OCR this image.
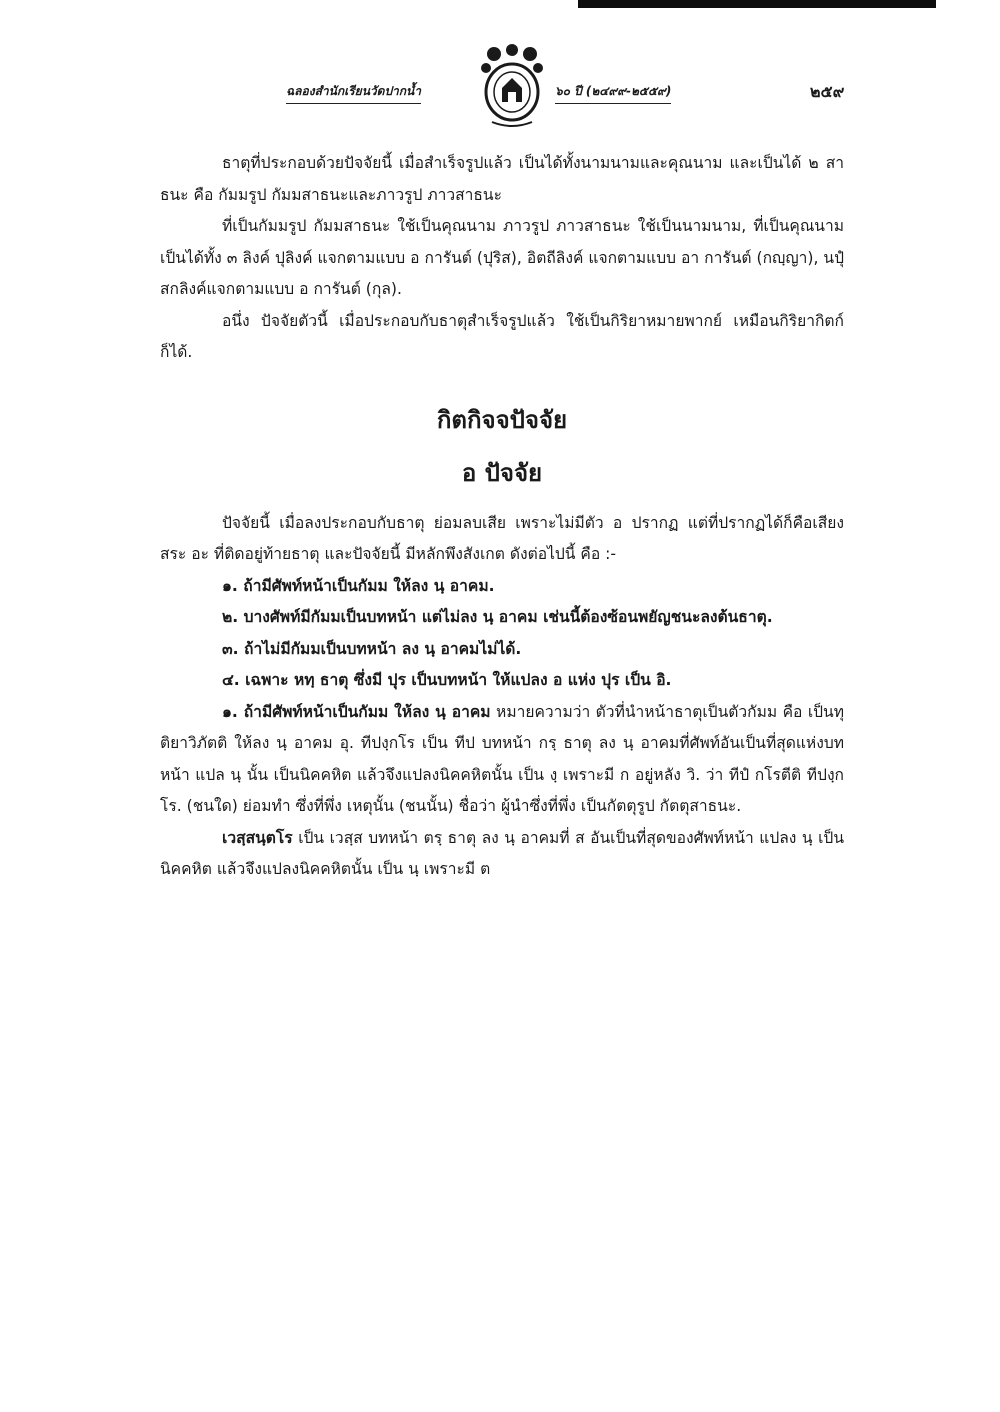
ฉลองสำนักเรียนวัดปากน้ำ	๖๐ ปี (๒๔๙๙-๒๕๕๙)	๒๕๙

ธาตุที่ประกอบด้วยปัจจัยนี้ เมื่อสำเร็จรูปแล้ว เป็นได้ทั้งนามนามและคุณนาม และเป็นได้ ๒ สาธนะ คือ กัมมรูป กัมมสาธนะและภาวรูป ภาวสาธนะ

ที่เป็นกัมมรูป กัมมสาธนะ ใช้เป็นคุณนาม ภาวรูป ภาวสาธนะ ใช้เป็นนามนาม, ที่เป็นคุณนาม เป็นได้ทั้ง ๓ ลิงค์ ปุลิงค์ แจกตามแบบ อ การันต์ (ปุริส), อิตถีลิงค์ แจกตามแบบ อา การันต์ (กญฺญา), นปุํสกลิงค์แจกตามแบบ อ การันต์ (กุล).

อนึ่ง ปัจจัยตัวนี้ เมื่อประกอบกับธาตุสำเร็จรูปแล้ว ใช้เป็นกิริยาหมายพากย์ เหมือนกิริยากิตก์ก็ได้.

กิตกิจจปัจจัย
อ ปัจจัย

ปัจจัยนี้ เมื่อลงประกอบกับธาตุ ย่อมลบเสีย เพราะไม่มีตัว อ ปรากฏ แต่ที่ปรากฏได้ก็คือเสียงสระ อะ ที่ติดอยู่ท้ายธาตุ และปัจจัยนี้ มีหลักพึงสังเกต ดังต่อไปนี้ คือ :-

๑. ถ้ามีศัพท์หน้าเป็นกัมม ให้ลง นฺ อาคม.

๒. บางศัพท์มีกัมมเป็นบทหน้า แต่ไม่ลง นฺ อาคม เช่นนี้ต้องซ้อนพยัญชนะลงต้นธาตุ.

๓. ถ้าไม่มีกัมมเป็นบทหน้า ลง นฺ อาคมไม่ได้.

๔. เฉพาะ หทฺ ธาตุ ซึ่งมี ปุร เป็นบทหน้า ให้แปลง อ แห่ง ปุร เป็น อิ.

๑. ถ้ามีศัพท์หน้าเป็นกัมม ให้ลง นฺ อาคม หมายความว่า ตัวที่นำหน้าธาตุเป็นตัวกัมม คือ เป็นทุติยาวิภัตติ ให้ลง นฺ อาคม อุ. ทีปงฺกโร เป็น ทีป บทหน้า กรฺ ธาตุ ลง นฺ อาคมที่ศัพท์อันเป็นที่สุดแห่งบทหน้า แปล นฺ นั้น เป็นนิคคหิต แล้วจึงแปลงนิคคหิตนั้น เป็น งฺ เพราะมี ก อยู่หลัง วิ. ว่า ทีปํ กโรตีติ ทีปงฺกโร. (ชนใด) ย่อมทำ ซึ่งที่พึ่ง เหตุนั้น (ชนนั้น) ชื่อว่า ผู้นำซึ่งที่พึ่ง เป็นกัตตุรูป กัตตุสาธนะ.

เวสฺสนฺตโร เป็น เวสฺส บทหน้า ตรฺ ธาตุ ลง นฺ อาคมที่ ส อันเป็นที่สุดของศัพท์หน้า แปลง นฺ เป็นนิคคหิต แล้วจึงแปลงนิคคหิตนั้น เป็น นฺ เพราะมี ต
